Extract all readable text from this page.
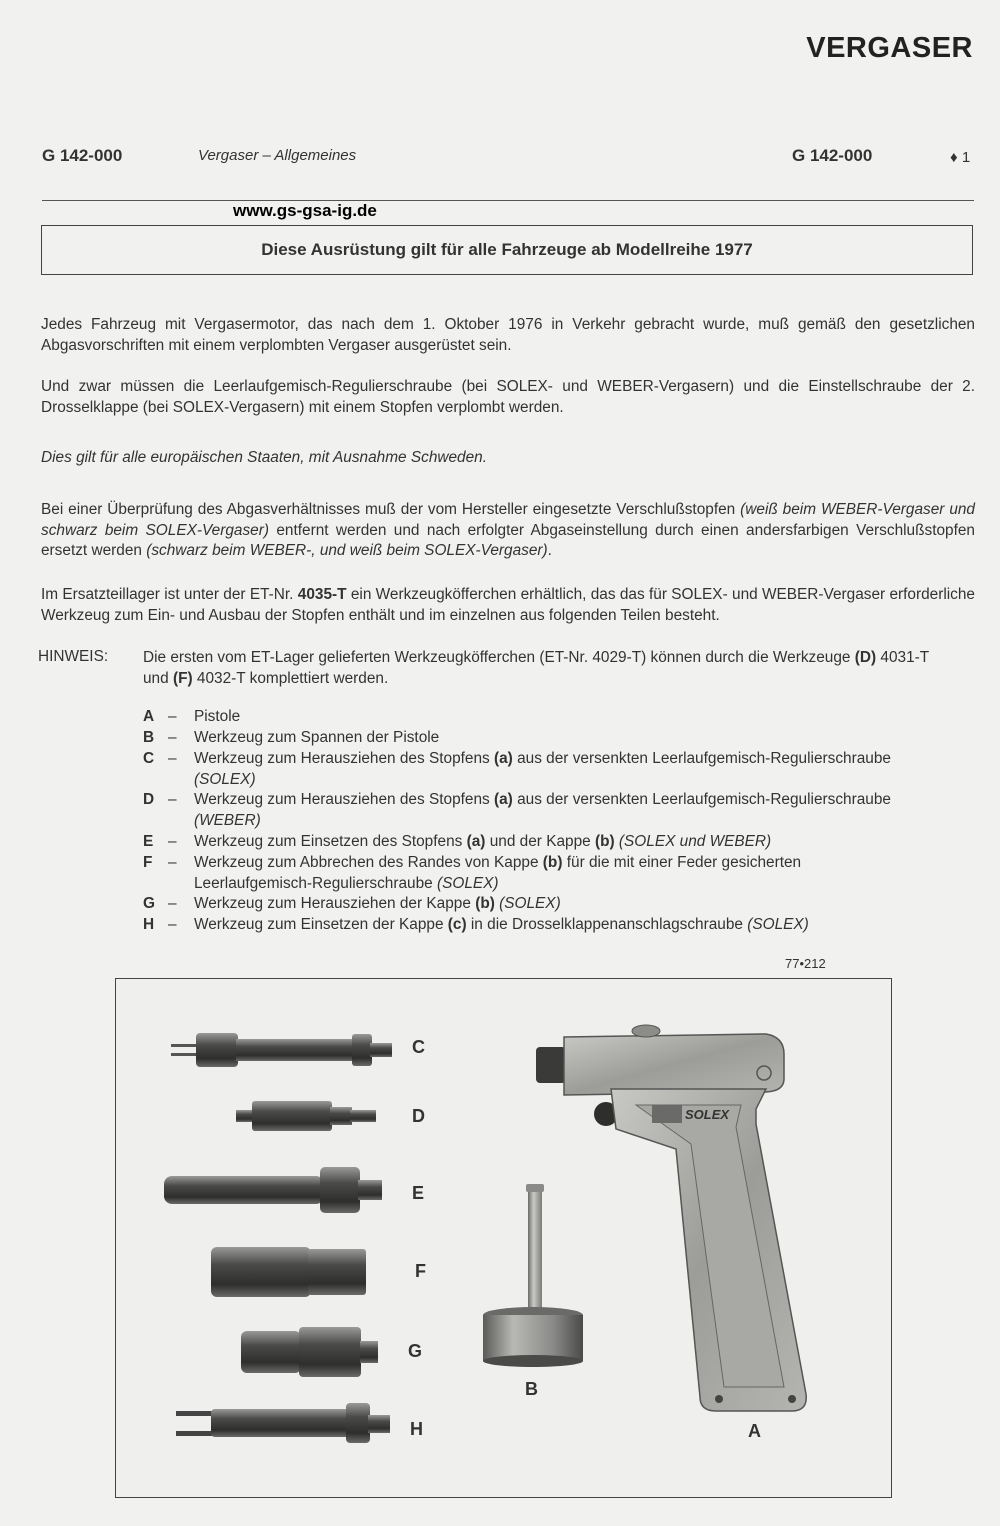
VERGASER
G 142-000	Vergaser – Allgemeines	G 142-000	♦ 1
www.gs-gsa-ig.de
Diese Ausrüstung gilt für alle Fahrzeuge ab Modellreihe 1977
Jedes Fahrzeug mit Vergasermotor, das nach dem 1. Oktober 1976 in Verkehr gebracht wurde, muß gemäß den gesetzlichen Abgasvorschriften mit einem verplombten Vergaser ausgerüstet sein.
Und zwar müssen die Leerlaufgemisch-Regulierschraube (bei SOLEX- und WEBER-Vergasern) und die Einstellschraube der 2. Drosselklappe (bei SOLEX-Vergasern) mit einem Stopfen verplombt werden.
Dies gilt für alle europäischen Staaten, mit Ausnahme Schweden.
Bei einer Überprüfung des Abgasverhältnisses muß der vom Hersteller eingesetzte Verschlußstopfen (weiß beim WEBER-Vergaser und schwarz beim SOLEX-Vergaser) entfernt werden und nach erfolgter Abgaseinstellung durch einen andersfarbigen Verschlußstopfen ersetzt werden (schwarz beim WEBER-, und weiß beim SOLEX-Vergaser).
Im Ersatzteillager ist unter der ET-Nr. 4035-T ein Werkzeugköfferchen erhältlich, das das für SOLEX- und WEBER-Vergaser erforderliche Werkzeug zum Ein- und Ausbau der Stopfen enthält und im einzelnen aus folgenden Teilen besteht.
HINWEIS: Die ersten vom ET-Lager gelieferten Werkzeugköfferchen (ET-Nr. 4029-T) können durch die Werkzeuge (D) 4031-T und (F) 4032-T komplettiert werden.
A – Pistole
B – Werkzeug zum Spannen der Pistole
C – Werkzeug zum Herausziehen des Stopfens (a) aus der versenkten Leerlaufgemisch-Regulierschraube (SOLEX)
D – Werkzeug zum Herausziehen des Stopfens (a) aus der versenkten Leerlaufgemisch-Regulierschraube (WEBER)
E – Werkzeug zum Einsetzen des Stopfens (a) und der Kappe (b) (SOLEX und WEBER)
F – Werkzeug zum Abbrechen des Randes von Kappe (b) für die mit einer Feder gesicherten Leerlaufgemisch-Regulierschraube (SOLEX)
G – Werkzeug zum Herausziehen der Kappe (b) (SOLEX)
H – Werkzeug zum Einsetzen der Kappe (c) in die Drosselklappenanschlagschraube (SOLEX)
77•212
C
D
E
F
G
H
B
A
SOLEX
